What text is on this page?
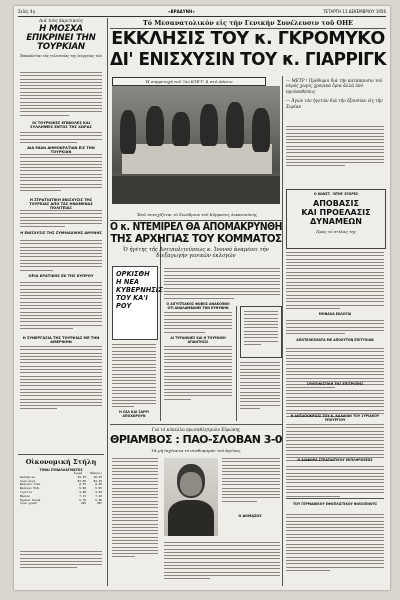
Σελίς 4η	«ΒΡΑΔΥΝΗ»	ΤΕΤΑΡΤΗ 13 ΔΕΚΕΜΒΡΙΟΥ 1956
Διά τούς ἀκριτικούς
Η ΜΟΣΧΑ ΕΠΙΚΡΙΝΕΙ ΤΗΝ ΤΟΥΡΚΙΑΝ
Ἐπικαλείται τάς τελευταίας της ἐνεργείας τῶν
ΟΙ ΤΟΥΡΚΙΚΕΣ ΕΠΙΒΟΛΕΣ ΚΑΙ ΣΥΛΛΗΨΕΙΣ ΕΝΤΟΣ ΤΗΣ ΧΩΡΑΣ
ΔΙΑ ΜΙΑΝ ΔΗΜΟΚΡΑΤΙΑΝ ΕΙΣ ΤΗΝ ΤΟΥΡΚΙΑΝ
Η ΣΤΡΑΤΙΩΤΙΚΗ ΕΝΙΣΧΥΣΙΣ ΤΗΣ ΤΟΥΡΚΙΑΣ ΑΠΟ ΤΑΣ ΗΝΩΜΕΝΑΣ ΠΟΛΙΤΕΙΑΣ
Η ΕΝΙΣΧΥΣΙΣ ΤΗΣ ΣΥΜΜΑΧΙΚΗΣ ΑΜΥΝΗΣ
ΟΡΙΑ ΚΡΑΤΙΚΗΣ ΕΚ ΤΗΣ ΚΥΠΡΟΥ
Η ΣΥΝΕΡΓΑΣΙΑ ΤΗΣ ΤΟΥΡΚΙΑΣ ΜΕ ΤΗΝ ΑΜΕΡΙΚΗΝ
Οἰκονομική Στήλη
ΤΙΜΑΙ ΣΥΝΑΛΛΑΓΜΑΤΟΣ
Ἀγορά	Πώλησις
Δολλάριον	29.95	30.05
Λίρα Ἀγγλ.	83.80	84.20
Φράγκον Γαλλ.	8.55	8.60
Φράγκον Ἑλβ.	6.90	6.95
Λιρέττα	4.80	4.82
Μάρκον	7.15	7.20
Κορώνα Σουηδ.	5.78	5.80
Λίρα χρυσῆ	284	287
Τό Μεσανατολικόν εἰς τήν Γενικήν Συνέλευσιν τοῦ ΟΗΕ
ΕΚΚΛΗΣΙΣ ΤΟΥ κ. ΓΚΡΟΜΥΚΟ
ΔΙ' ΕΝΙΣΧΥΣΙΝ ΤΟΥ κ. ΓΙΑΡΡΙΓΚ
Ἡ συμμετοχή τοῦ 7ου ΚΤΕ'Υ' Ἀ στό Δάνειο	— ΜΕΤΡ ! Πρόθυμοι διά τήν κατάπαυσιν τοῦ πυρός χωρίς χρονικά ὅρια ἀλλά ὑπό προϋποθέσεις
— Ἀγών τόν ἡγετῶν διά τήν ἐξουσίαν εἰς τήν Συρίαν
Ο ΚΩΝΣΤ. 'ΝΤΙΜ' ΕΞΟΡΕΣ
ΑΠΟΒΑΣΙΣ
ΚΑΙ ΠΡΟΕΛΑΣΙΣ
ΔΥΝΑΜΕΩΝ
Πρός τό στίλας της
Ἐνῶ συνεχίζεται τό Συνέδριον τοῦ Κόμματος Δικαιοσύνης
Ο κ. ΝΤΕΜΙΡΕΛ ΘΑ ΑΠΟΜΑΚΡΥΝΘΗ
ΤΗΣ ΑΡΧΗΓΙΑΣ ΤΟΥ ΚΟΜΜΑΤΟΣ
Ὁ ἡγέτης τῆς Ἀντιπολιτεύσεως κ. Ἰνονού ἀναμένει τήν διεξαγωγήν γενικῶν ἐκλογῶν
ΟΡΚΙΣΘΗ Η ΝΕΑ ΚΥΒΕΡΝΗΣΙΣ ΤΟΥ ΚΑ'Ι ΡΟΥ	Ο ΑΙΓΥΠΤΙΑΚΟΣ ΦΟΒΟΣ ΑΝΑΚΟΙΝΟΙ ΟΤΙ ΑΝΑΛΑΜΒΑΝΕΙ ΤΗΝ ΕΥΘΥΝΗΝ
ΑΙ ΤΥΡΑΝΝΙΕΣ ΚΑΙ Η ΤΟΥΡΚΙΚΗ ΑΠΑΝΤΗΣΙΣ
Η ΣΑΛ ΚΑΙ ΣΑΡΡΙ ΑΠΟΧΩΡΟΥΝ
Γιά τό κύπελλο πρωταθλητριῶν Εὐρώπης
ΘΡΙΑΜΒΟΣ : ΠΑΟ-ΣΛΟΒΑΝ 3-0
Τά μὴ ἰσχύοντα τό συνδυασμόν τοῦ ἀγῶνος
Ο ΔΟΜΑΖΟΣ
ΜΟΝΑΧΑ ΕΚΛΟΓΑΙ
ΑΠΟΤΕΛΕΣΜΑΤΑ ΜΕ ΑΠΟΛΥΤΟΝ ΕΠΙΤΥΧΙΑΝ
ΣΥΝΤΟΝΙΣΤΙΚΗ ΤΗΣ ΕΠΙΤΡΟΠΗΣ
Η ΑΝΤΑΠΟΚΡΙΣΙΣ ΤΟΥ Κ. ΚΑΛΛΙΩΝ ΤΟΥ ΣΥΡΙΑΚΟΥ ΥΠΟΥΡΓΙΟΥ
Η ΔΙΑΦΟΡΑ ΣΤΡΑΤΙΩΤΙΚΟΥ ΕΚΠΛΗΡΩΣΕΩΣ
ΤΟΥ ΓΕΡΜΑΝΙΚΟΥ ΕΦΟΠΛΙΣΤΙΚΟΥ ΦΙΛΟΞΕΝΟΥΣ
